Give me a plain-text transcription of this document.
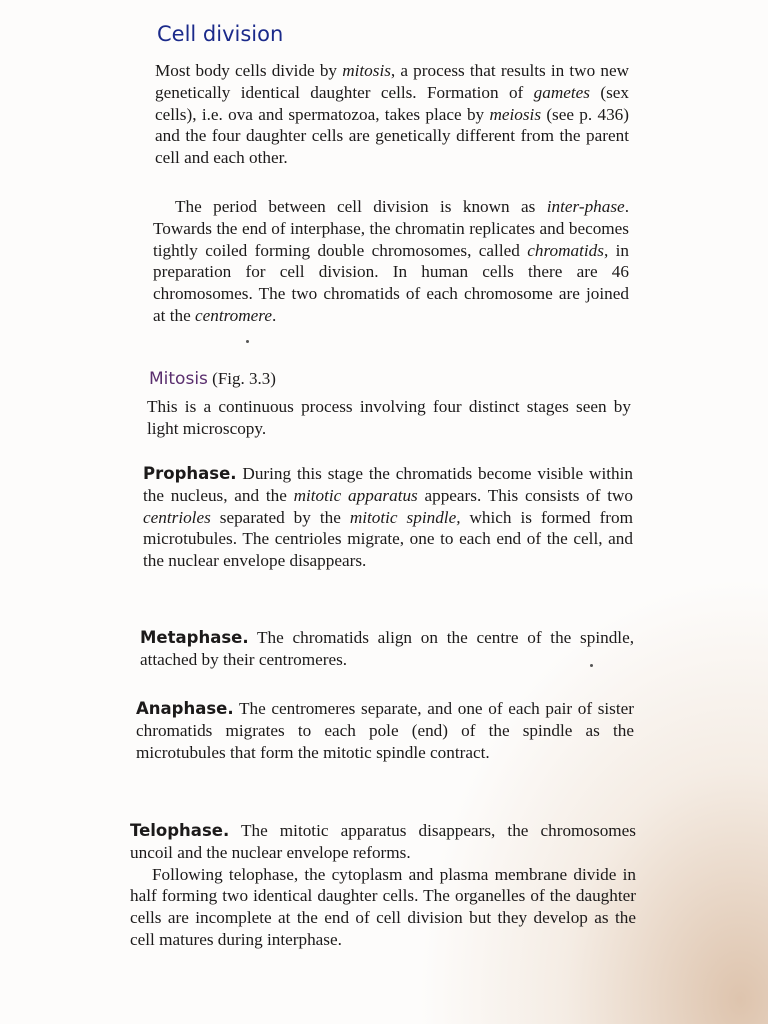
Cell division

Most body cells divide by mitosis, a process that results in two new genetically identical daughter cells. Formation of gametes (sex cells), i.e. ova and spermatozoa, takes place by meiosis (see p. 436) and the four daughter cells are genetically different from the parent cell and each other.

The period between cell division is known as inter-phase. Towards the end of interphase, the chromatin replicates and becomes tightly coiled forming double chromosomes, called chromatids, in preparation for cell division. In human cells there are 46 chromosomes. The two chromatids of each chromosome are joined at the centromere.

Mitosis (Fig. 3.3)

This is a continuous process involving four distinct stages seen by light microscopy.

Prophase. During this stage the chromatids become visible within the nucleus, and the mitotic apparatus appears. This consists of two centrioles separated by the mitotic spindle, which is formed from microtubules. The centrioles migrate, one to each end of the cell, and the nuclear envelope disappears.

Metaphase. The chromatids align on the centre of the spindle, attached by their centromeres.

Anaphase. The centromeres separate, and one of each pair of sister chromatids migrates to each pole (end) of the spindle as the microtubules that form the mitotic spindle contract.

Telophase. The mitotic apparatus disappears, the chromosomes uncoil and the nuclear envelope reforms.
Following telophase, the cytoplasm and plasma membrane divide in half forming two identical daughter cells. The organelles of the daughter cells are incomplete at the end of cell division but they develop as the cell matures during interphase.
